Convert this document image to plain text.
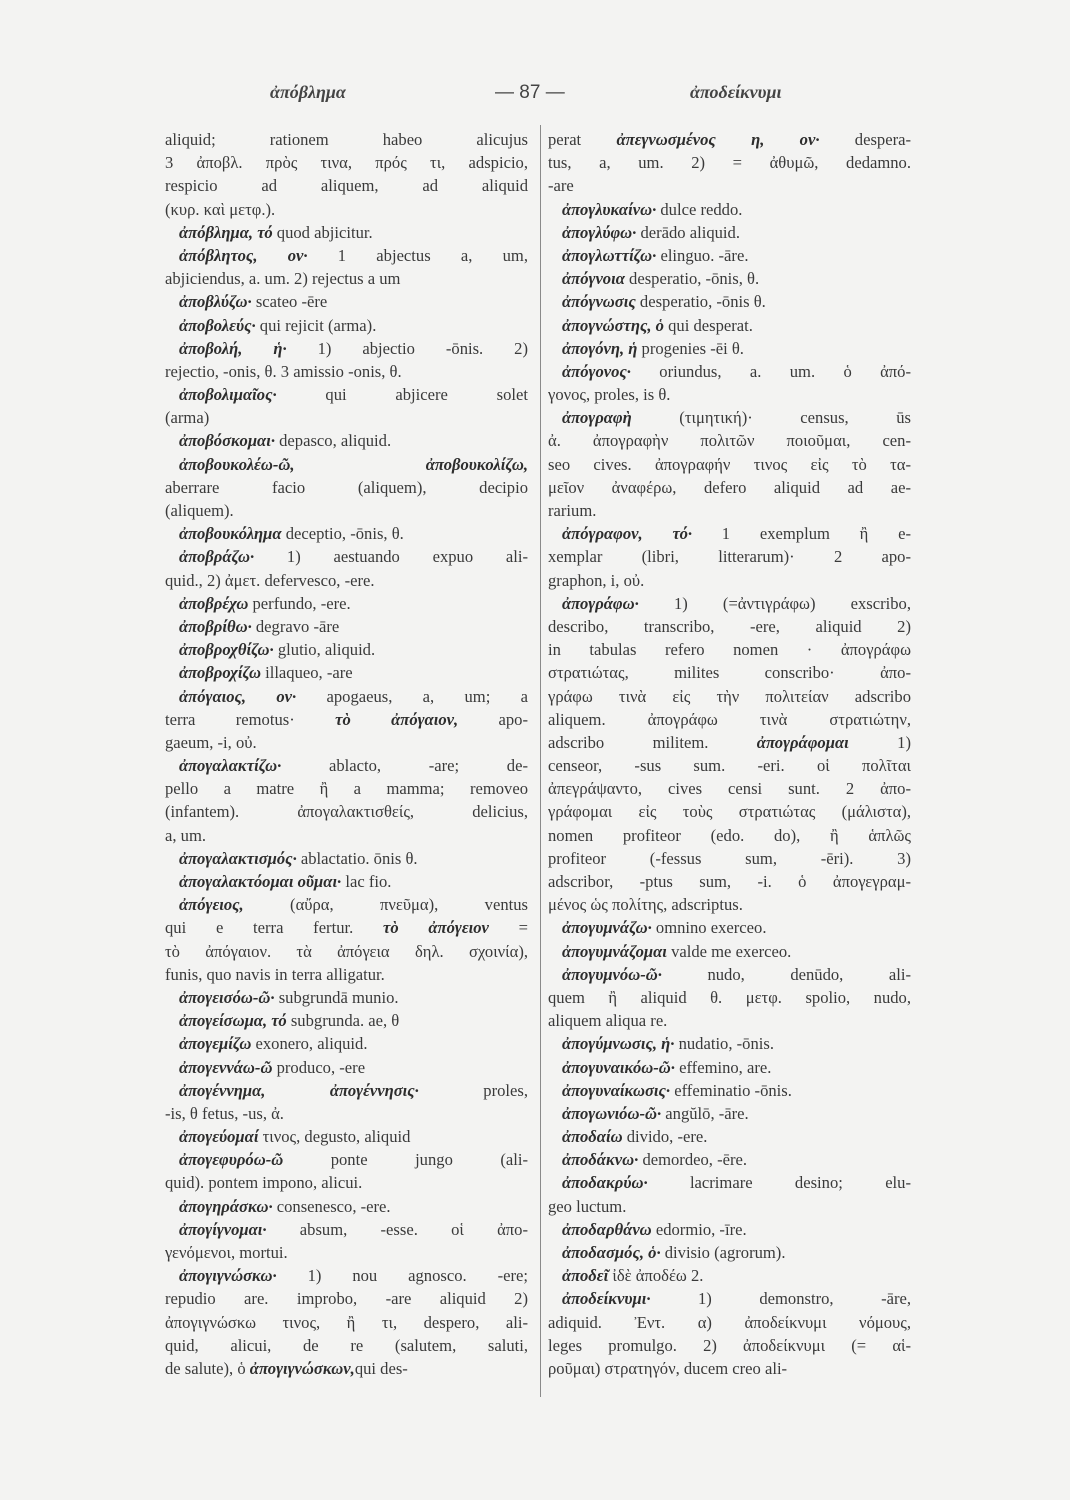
ἀπόβλημα	— 87 —	ἀποδείκνυμι
aliquid; rationem habeo alicujus
3 ἀποβλ. πρὸς τινα, πρός τι, adspicio,
respicio ad aliquem, ad aliquid
(κυρ. καὶ μετφ.).
ἀπόβλημα, τό quod abjicitur.
ἀπόβλητος, ον· 1 abjectus a, um,
abjiciendus, a. um. 2) rejectus a um
ἀποβλύζω· scateo -ēre
ἀποβολεύς· qui rejicit (arma).
ἀποβολή, ἡ· 1) abjectio -ōnis. 2)
rejectio, -onis, θ. 3 amissio -onis, θ.
ἀποβολιμαῖος· qui abjicere solet
(arma)
ἀποβόσκομαι· depasco, aliquid.
ἀποβουκολέω-ῶ, ἀποβουκολίζω,
aberrare facio (aliquem), decipio
(aliquem).
ἀποβουκόλημα deceptio, -ōnis, θ.
ἀποβράζω· 1) aestuando expuo ali-
quid., 2) ἀμετ. defervesco, -ere.
ἀποβρέχω perfundo, -ere.
ἀποβρίθω· degravo -āre
ἀποβροχθίζω· glutio, aliquid.
ἀποβροχίζω illaqueo, -are
ἀπόγαιος, ον· apogaeus, a, um; a
terra remotus· τὸ ἀπόγαιον, apo-
gaeum, -i, οὐ.
ἀπογαλακτίζω· ablacto, -are; de-
pello a matre ἢ a mamma; removeo
(infantem). ἀπογαλακτισθείς, delicius,
a, um.
ἀπογαλακτισμός· ablactatio. ōnis θ.
ἀπογαλακτόομαι οῦμαι· lac fio.
ἀπόγειος, (αὔρα, πνεῦμα), ventus
qui e terra fertur. τὸ ἀπόγειον =
τὸ ἀπόγαιον. τὰ ἀπόγεια δηλ. σχοινία),
funis, quo navis in terra alligatur.
ἀπογεισόω-ῶ· subgrundā munio.
ἀπογείσωμα, τό subgrunda. ae, θ
ἀπογεμίζω exonero, aliquid.
ἀπογεννάω-ῶ produco, -ere
ἀπογέννημα, ἀπογέννησις· proles,
-is, θ fetus, -us, ἀ.
ἀπογεύομαί τινος, degusto, aliquid
ἀπογεφυρόω-ῶ ponte jungo (ali-
quid). pontem impono, alicui.
ἀπογηράσκω· consenesco, -ere.
ἀπογίγνομαι· absum, -esse. οἱ ἀπο-
γενόμενοι, mortui.
ἀπογιγνώσκω· 1) nou agnosco. -ere;
repudio are. improbo, -are aliquid 2)
ἀπογιγνώσκω τινος, ἢ τι, despero, ali-
quid, alicui, de re (salutem, saluti,
de salute), ὁ ἀπογιγνώσκων,qui des-
perat ἀπεγνωσμένος η, ον· despera-
tus, a, um. 2) = ἀθυμῶ, dedamno.
-are
ἀπογλυκαίνω· dulce reddo.
ἀπογλύφω· derādo aliquid.
ἀπογλωττίζω· elinguo. -āre.
ἀπόγνοια desperatio, -ōnis, θ.
ἀπόγνωσις desperatio, -ōnis θ.
ἀπογνώστης, ὁ qui desperat.
ἀπογόνη, ἡ progenies -ēi θ.
ἀπόγονος· oriundus, a. um. ὁ ἀπό-
γονος, proles, is θ.
ἀπογραφὴ (τιμητική)· census, ūs
ἀ. ἀπογραφὴν πολιτῶν ποιοῦμαι, cen-
seo cives. ἀπογραφήν τινος εἰς τὸ τα-
μεῖον ἀναφέρω, defero aliquid ad ae-
rarium.
ἀπόγραφον, τό· 1 exemplum ἢ e-
xemplar (libri, litterarum)· 2 apo-
graphon, i, οὐ.
ἀπογράφω· 1) (=ἀντιγράφω) exscribo,
describo, transcribo, -ere, aliquid 2)
in tabulas refero nomen · ἀπογράφω
στρατιώτας, milites conscribo· ἀπο-
γράφω τινὰ εἰς τὴν πολιτείαν adscribo
aliquem. ἀπογράφω τινὰ στρατιώτην,
adscribo militem. ἀπογράφομαι 1)
censeor, -sus sum. -eri. οἱ πολῖται
ἀπεγράψαντο, cives censi sunt. 2 ἀπο-
γράφομαι εἰς τοὺς στρατιώτας (μάλιστα),
nomen profiteor (edo. do), ἢ ἁπλῶς
profiteor (-fessus sum, -ēri). 3)
adscribor, -ptus sum, -i. ὁ ἀπογεγραμ-
μένος ὡς πολίτης, adscriptus.
ἀπογυμνάζω· omnino exerceo.
ἀπογυμνάζομαι valde me exerceo.
ἀπογυμνόω-ῶ· nudo, denūdo, ali-
quem ἢ aliquid θ. μετφ. spolio, nudo,
aliquem aliqua re.
ἀπογύμνωσις, ἡ· nudatio, -ōnis.
ἀπογυναικόω-ῶ· effemino, are.
ἀπογυναίκωσις· effeminatio -ōnis.
ἀπογωνιόω-ῶ· angŭlō, -āre.
ἀποδαίω divido, -ere.
ἀποδάκνω· demordeo, -ēre.
ἀποδακρύω· lacrimare desino; elu-
geo luctum.
ἀποδαρθάνω edormio, -īre.
ἀποδασμός, ὁ· divisio (agrorum).
ἀποδεῖ ἰδὲ ἀποδέω 2.
ἀποδείκνυμι· 1) demonstro, -āre,
adiquid. Ἐντ. α) ἀποδείκνυμι νόμους,
leges promulgo. 2) ἀποδείκνυμι (= αἱ-
ροῦμαι) στρατηγόν, ducem creo ali-
